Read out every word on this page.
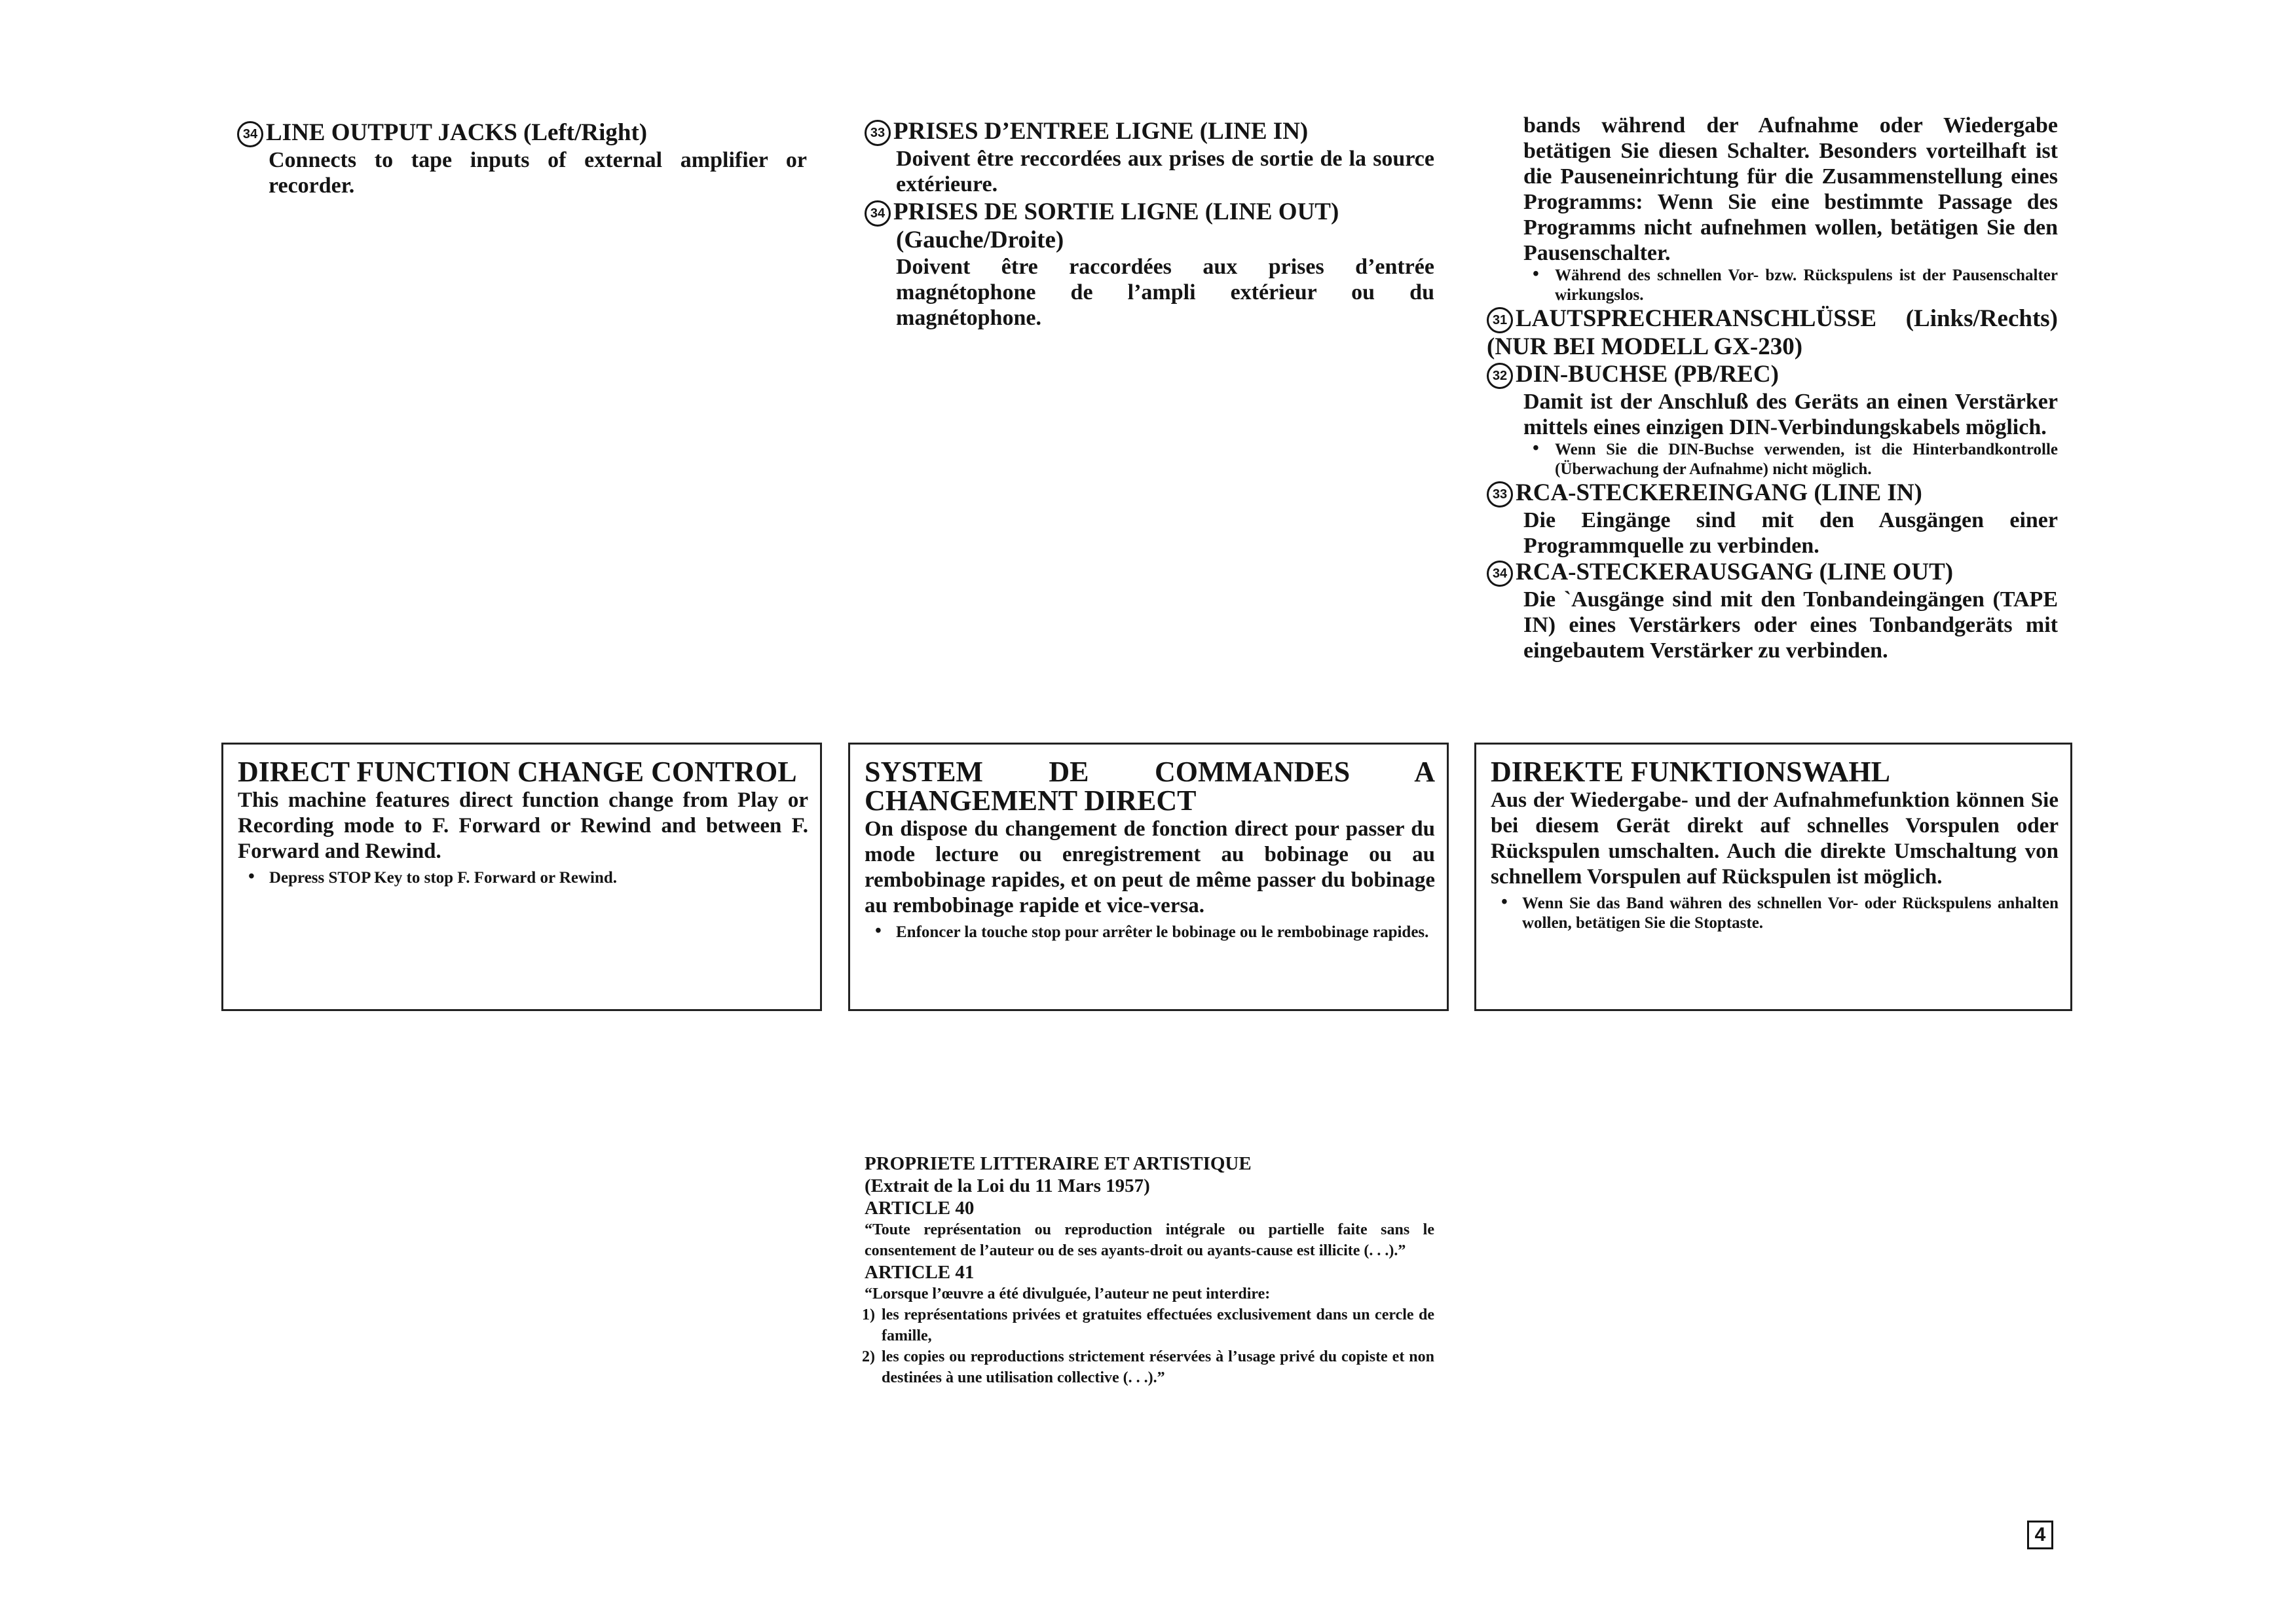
34 LINE OUTPUT JACKS (Left/Right)

Connects to tape inputs of external amplifier or recorder.

33 PRISES D’ENTREE LIGNE (LINE IN)

Doivent être reccordées aux prises de sortie de la source extérieure.

34 PRISES DE SORTIE LIGNE (LINE OUT)

(Gauche/Droite)

Doivent être raccordées aux prises d’entrée magnétophone de l’ampli extérieur ou du magnétophone.

bands während der Aufnahme oder Wiedergabe betätigen Sie diesen Schalter. Besonders vorteilhaft ist die Pauseneinrichtung für die Zusammenstellung eines Programms: Wenn Sie eine bestimmte Passage des Programms nicht aufnehmen wollen, betätigen Sie den Pausenschalter.

• Während des schnellen Vor- bzw. Rückspulens ist der Pausenschalter wirkungslos.

31 LAUTSPRECHERANSCHLÜSSE (Links/Rechts)

(NUR BEI MODELL GX-230)

32 DIN-BUCHSE (PB/REC)

Damit ist der Anschluß des Geräts an einen Verstärker mittels eines einzigen DIN-Verbindungskabels möglich.

• Wenn Sie die DIN-Buchse verwenden, ist die Hinterbandkontrolle (Überwachung der Aufnahme) nicht möglich.

33 RCA-STECKEREINGANG (LINE IN)

Die Eingänge sind mit den Ausgängen einer Programmquelle zu verbinden.

34 RCA-STECKERAUSGANG (LINE OUT)

Die `Ausgänge sind mit den Tonbandeingängen (TAPE IN) eines Verstärkers oder eines Tonbandgeräts mit eingebautem Verstärker zu verbinden.

DIRECT FUNCTION CHANGE CONTROL

This machine features direct function change from Play or Recording mode to F. Forward or Rewind and between F. Forward and Rewind.

• Depress STOP Key to stop F. Forward or Rewind.

SYSTEM DE COMMANDES A CHANGEMENT DIRECT

On dispose du changement de fonction direct pour passer du mode lecture ou enregistrement au bobinage ou au rembobinage rapides, et on peut de même passer du bobinage au rembobinage rapide et vice-versa.

• Enfoncer la touche stop pour arrêter le bobinage ou le rembobinage rapides.

DIREKTE FUNKTIONSWAHL

Aus der Wiedergabe- und der Aufnahmefunktion können Sie bei diesem Gerät direkt auf schnelles Vorspulen oder Rückspulen umschalten. Auch die direkte Umschaltung von schnellem Vorspulen auf Rückspulen ist möglich.

• Wenn Sie das Band währen des schnellen Vor- oder Rückspulens anhalten wollen, betätigen Sie die Stoptaste.

PROPRIETE LITTERAIRE ET ARTISTIQUE

(Extrait de la Loi du 11 Mars 1957)

ARTICLE 40

“Toute représentation ou reproduction intégrale ou partielle faite sans le consentement de l’auteur ou de ses ayants-droit ou ayants-cause est illicite (. . .).”

ARTICLE 41

“Lorsque l’œuvre a été divulguée, l’auteur ne peut interdire:

1) les représentations privées et gratuites effectuées exclusivement dans un cercle de famille,

2) les copies ou reproductions strictement réservées à l’usage privé du copiste et non destinées à une utilisation collective (. . .).”

4
